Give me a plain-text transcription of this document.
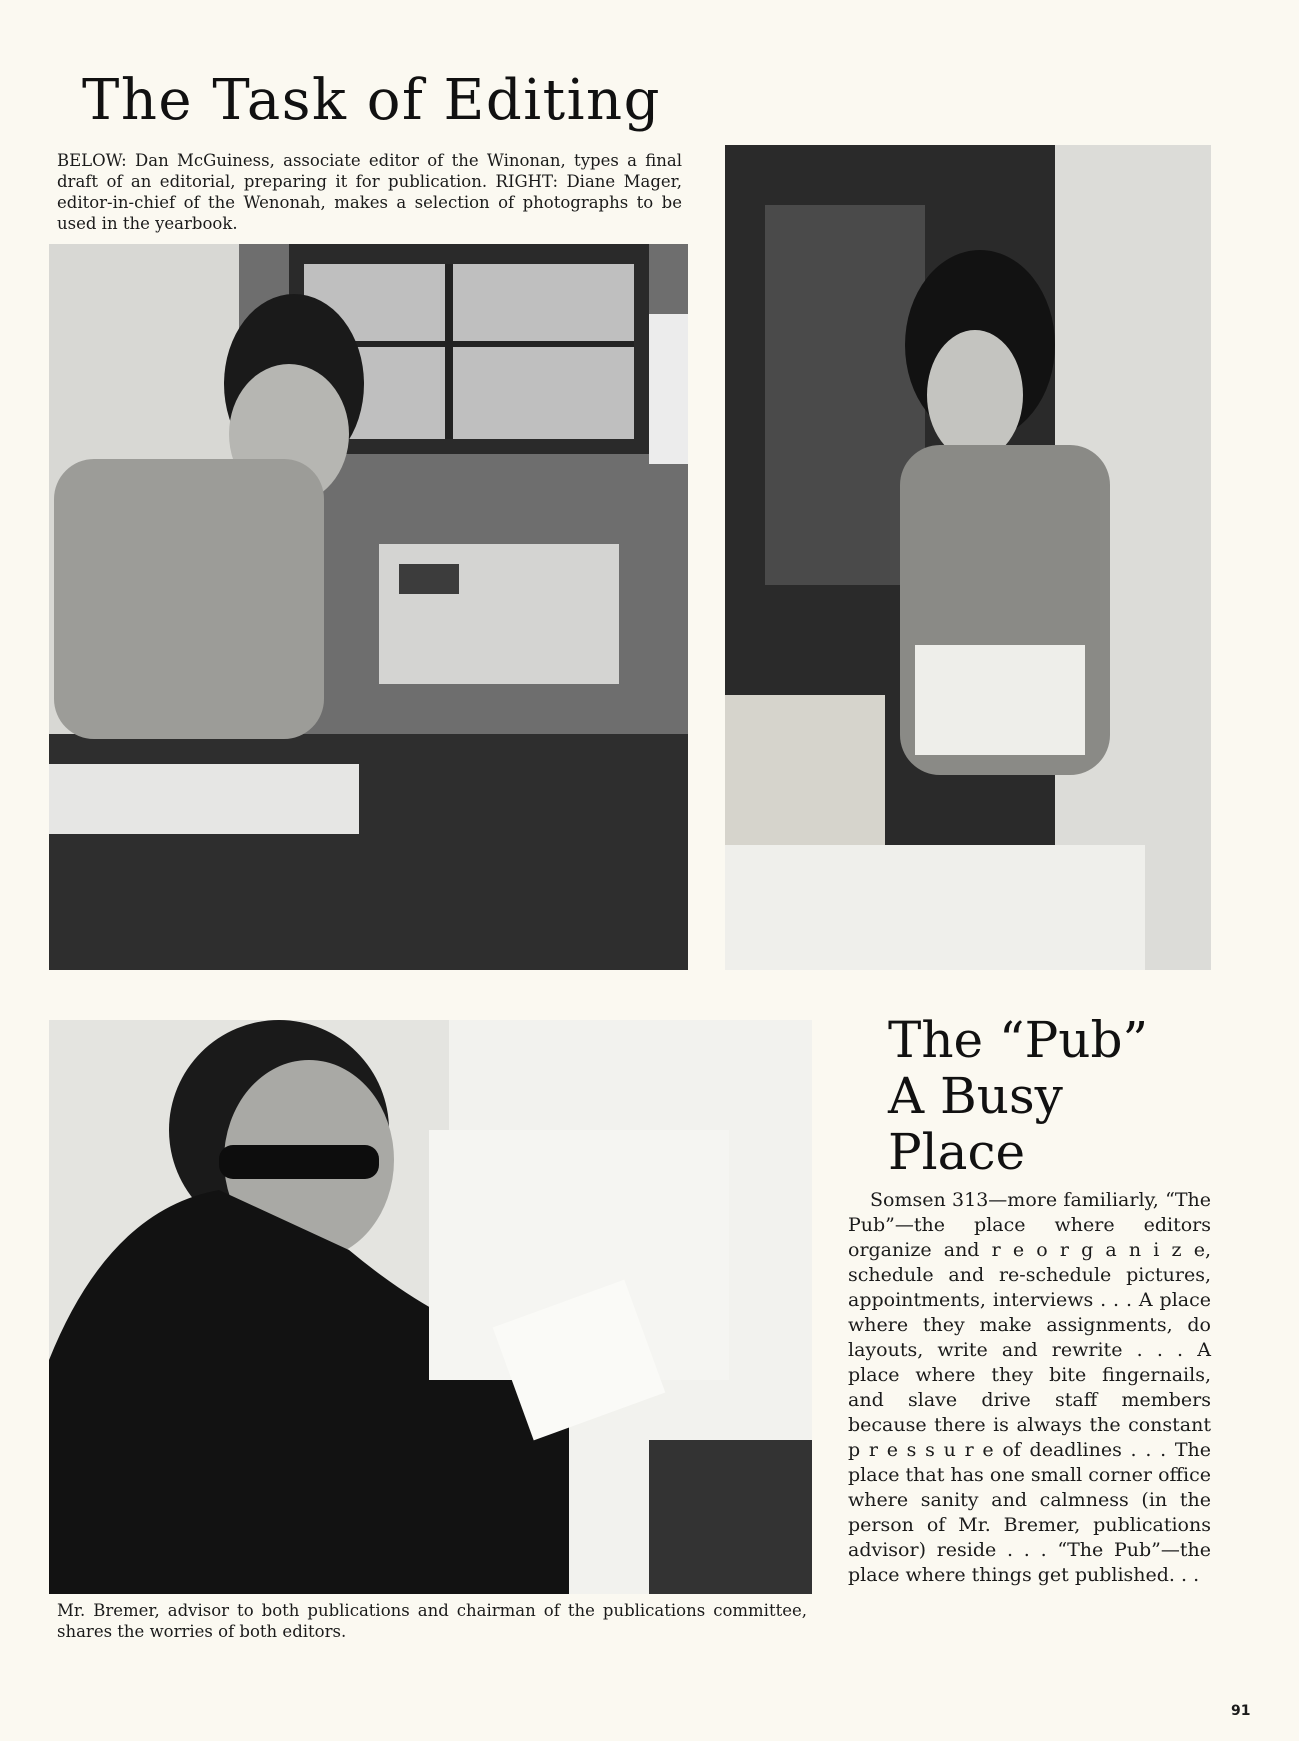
The Task of Editing

BELOW: Dan McGuiness, associate editor of the Winonan, types a final draft of an editorial, preparing it for publication. RIGHT: Diane Mager, editor-in-chief of the Wenonah, makes a selection of photographs to be used in the yearbook.

The “Pub”
A Busy
Place

Somsen 313—more familiarly, “The Pub”—the place where editors organize and r e o r g a n i z e, schedule and re-schedule pictures, appointments, interviews . . . A place where they make assignments, do layouts, write and rewrite . . . A place where they bite fingernails, and slave drive staff members because there is always the constant p r e s s u r e of deadlines . . . The place that has one small corner office where sanity and calmness (in the person of Mr. Bremer, publications advisor) reside . . . “The Pub”—the place where things get published. . .

Mr. Bremer, advisor to both publications and chairman of the publications committee, shares the worries of both editors.

91
